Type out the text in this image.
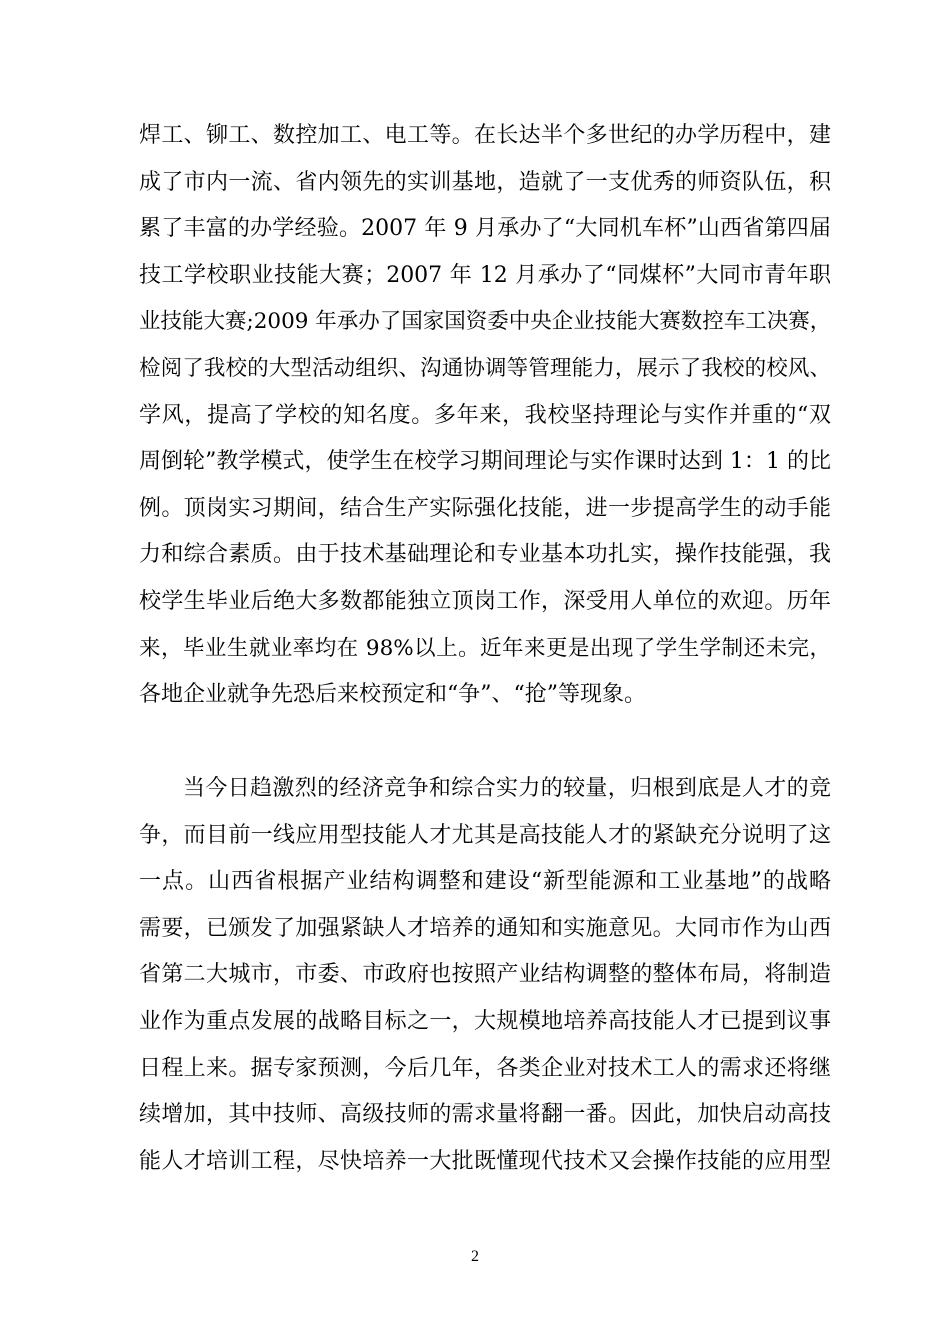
焊工、铆工、数控加工、电工等。在长达半个多世纪的办学历程中，建
成了市内一流、省内领先的实训基地，造就了一支优秀的师资队伍，积
累了丰富的办学经验。2007 年 9 月承办了“大同机车杯”山西省第四届
技工学校职业技能大赛；2007 年 12 月承办了“同煤杯”大同市青年职
业技能大赛;2009 年承办了国家国资委中央企业技能大赛数控车工决赛，
检阅了我校的大型活动组织、沟通协调等管理能力，展示了我校的校风、
学风，提高了学校的知名度。多年来，我校坚持理论与实作并重的“双
周倒轮”教学模式，使学生在校学习期间理论与实作课时达到 1：1 的比
例。顶岗实习期间，结合生产实际强化技能，进一步提高学生的动手能
力和综合素质。由于技术基础理论和专业基本功扎实，操作技能强，我
校学生毕业后绝大多数都能独立顶岗工作，深受用人单位的欢迎。历年
来，毕业生就业率均在 98%以上。近年来更是出现了学生学制还未完，
各地企业就争先恐后来校预定和“争”、“抢”等现象。
当今日趋激烈的经济竞争和综合实力的较量，归根到底是人才的竞
争，而目前一线应用型技能人才尤其是高技能人才的紧缺充分说明了这
一点。山西省根据产业结构调整和建设“新型能源和工业基地”的战略
需要，已颁发了加强紧缺人才培养的通知和实施意见。大同市作为山西
省第二大城市，市委、市政府也按照产业结构调整的整体布局，将制造
业作为重点发展的战略目标之一，大规模地培养高技能人才已提到议事
日程上来。据专家预测，今后几年，各类企业对技术工人的需求还将继
续增加，其中技师、高级技师的需求量将翻一番。因此，加快启动高技
能人才培训工程，尽快培养一大批既懂现代技术又会操作技能的应用型
2
